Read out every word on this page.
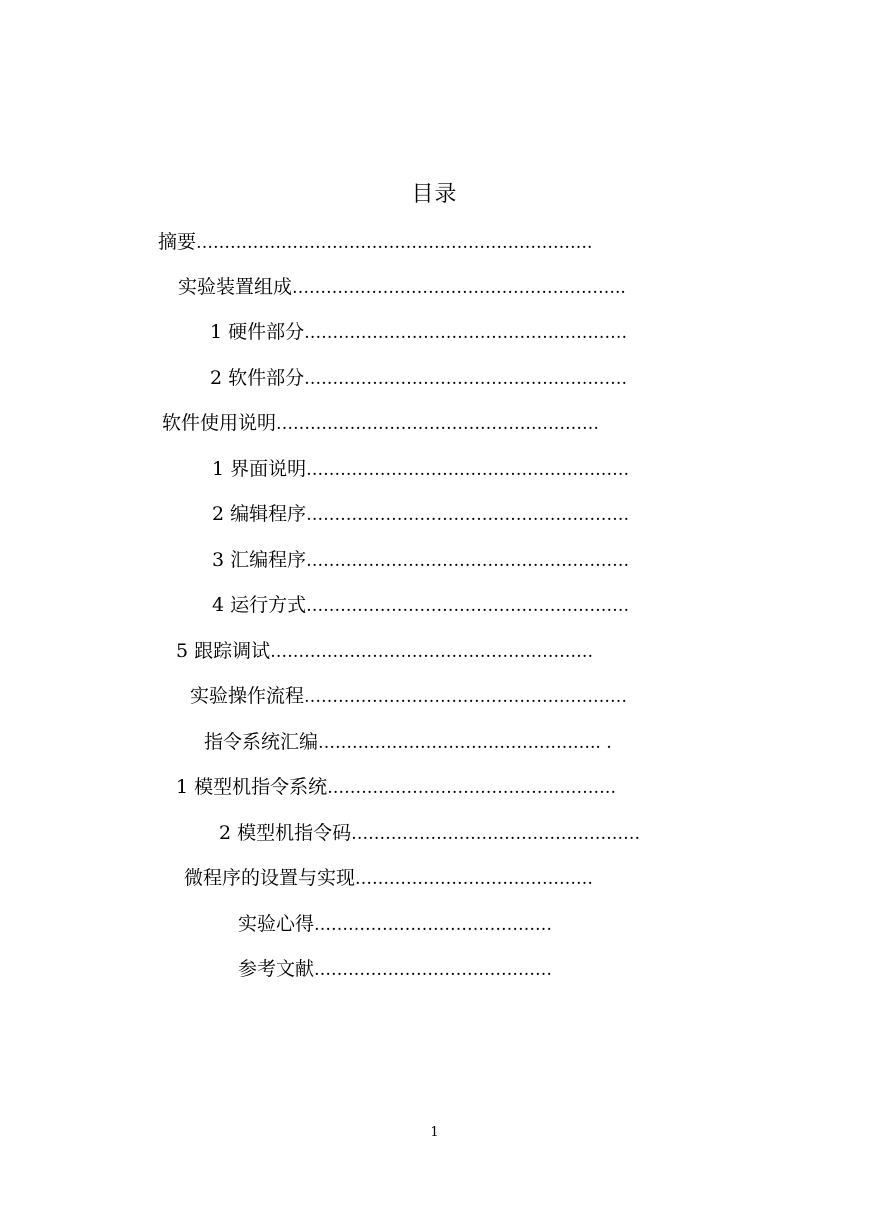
目录
摘要…………………………………………………………….
实验装置组成…………………………………………………..
1 硬件部分…………………………………………………
2 软件部分…………………………………………………
软件使用说明…………………………………………………
1 界面说明…………………………………………………
2 编辑程序…………………………………………………
3 汇编程序…………………………………………………
4 运行方式…………………………………………………
5 跟踪调试…………………………………………………
实验操作流程…………………………………………………
指令系统汇编………………………………………….. .
1 模型机指令系统……………………………………………
2 模型机指令码……………………………………………
微程序的设置与实现……………………………………
实验心得……………………………………
参考文献……………………………………
1
